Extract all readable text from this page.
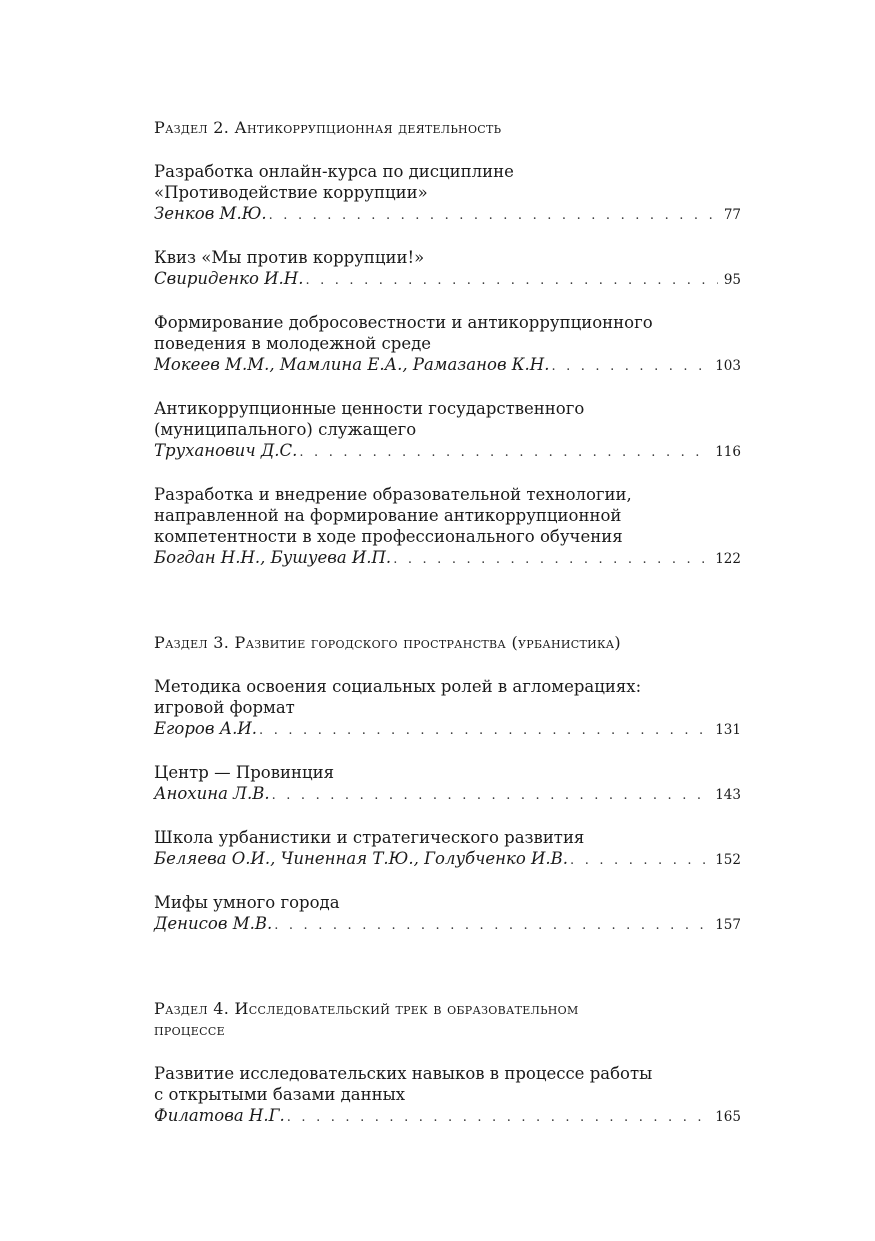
Раздел 2. Антикоррупционная деятельность
Разработка онлайн-курса по дисциплине
«Противодействие коррупции»
Зенков М.Ю. . . .	77
Квиз «Мы против коррупции!»
Свириденко И.Н. . . .	95
Формирование добросовестности и антикоррупционного
поведения в молодежной среде
Мокеев М.М., Мамлина Е.А., Рамазанов К.Н. . . .	103
Антикоррупционные ценности государственного
(муниципального) служащего
Труханович Д.С. . . .	116
Разработка и внедрение образовательной технологии,
направленной на формирование антикоррупционной
компетентности в ходе профессионального обучения
Богдан Н.Н., Бушуева И.П. . . .	122
Раздел 3. Развитие городского пространства (урбанистика)
Методика освоения социальных ролей в агломерациях:
игровой формат
Егоров А.И. . . .	131
Центр — Провинция
Анохина Л.В. . . .	143
Школа урбанистики и стратегического развития
Беляева О.И., Чиненная Т.Ю., Голубченко И.В. . . .	152
Мифы умного города
Денисов М.В. . . .	157
Раздел 4. Исследовательский трек в образовательном
процессе
Развитие исследовательских навыков в процессе работы
с открытыми базами данных
Филатова Н.Г. . . .	165
